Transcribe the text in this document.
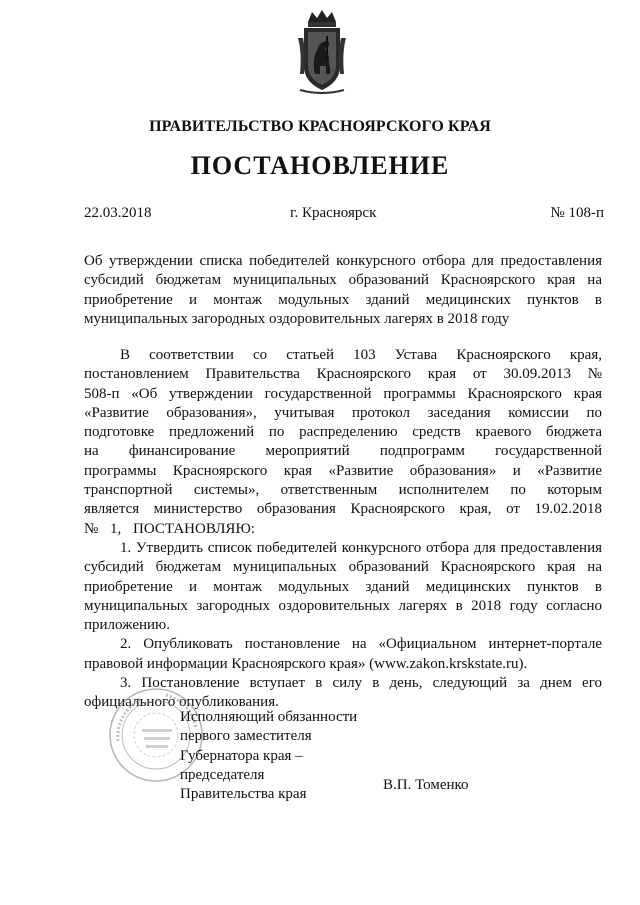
ПРАВИТЕЛЬСТВО КРАСНОЯРСКОГО КРАЯ
ПОСТАНОВЛЕНИЕ
22.03.2018	г. Красноярск	№ 108-п
Об утверждении списка победителей конкурсного отбора для предоставления субсидий бюджетам муниципальных образований Красноярского края на приобретение и монтаж модульных зданий медицинских пунктов в муниципальных загородных оздоровительных лагерях в 2018 году

В соответствии со статьей 103 Устава Красноярского края, постановлением Правительства Красноярского края от 30.09.2013 № 508-п «Об утверждении государственной программы Красноярского края «Развитие образования», учитывая протокол заседания комиссии по подготовке предложений по распределению средств краевого бюджета на финансирование мероприятий подпрограмм государственной программы Красноярского края «Развитие образования» и «Развитие транспортной системы», ответственным исполнителем по которым является министерство образования Красноярского края, от 19.02.2018 № 1, ПОСТАНОВЛЯЮ:

1. Утвердить список победителей конкурсного отбора для предоставления субсидий бюджетам муниципальных образований Красноярского края на приобретение и монтаж модульных зданий медицинских пунктов в муниципальных загородных оздоровительных лагерях в 2018 году согласно приложению.

2. Опубликовать постановление на «Официальном интернет-портале правовой информации Красноярского края» (www.zakon.krskstate.ru).

3. Постановление вступает в силу в день, следующий за днем его официального опубликования.

Исполняющий обязанности
первого заместителя
Губернатора края –
председателя
Правительства края
В.П. Томенко
